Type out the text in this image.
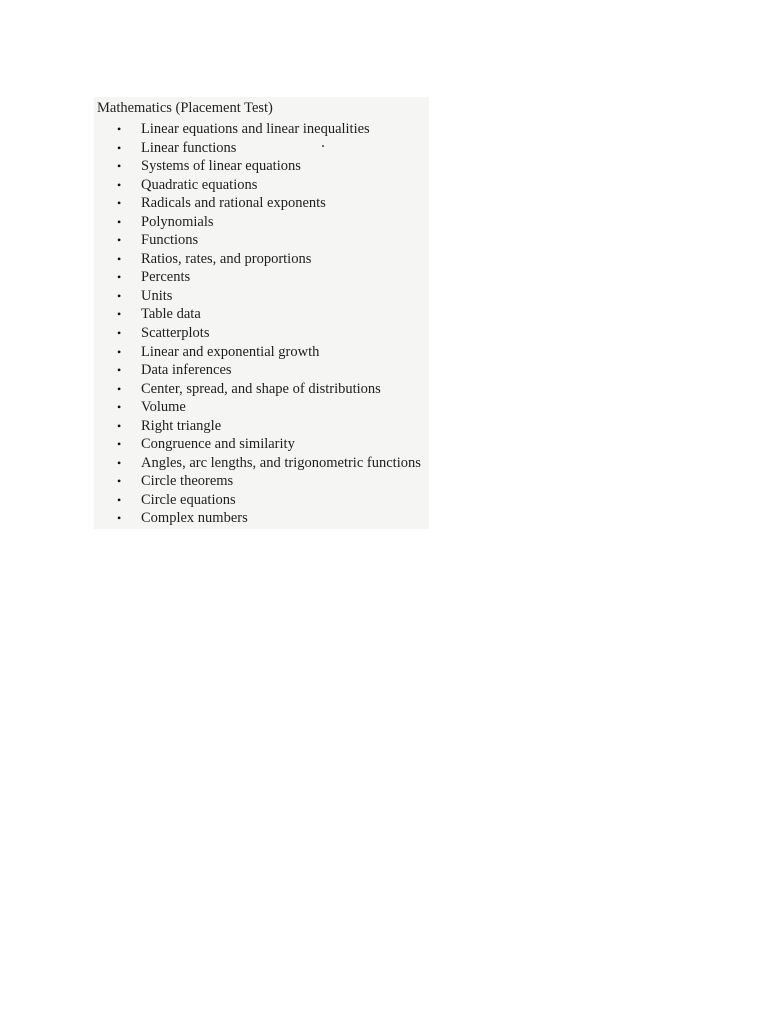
Mathematics (Placement Test)
• Linear equations and linear inequalities
• Linear functions
• Systems of linear equations
• Quadratic equations
• Radicals and rational exponents
• Polynomials
• Functions
• Ratios, rates, and proportions
• Percents
• Units
• Table data
• Scatterplots
• Linear and exponential growth
• Data inferences
• Center, spread, and shape of distributions
• Volume
• Right triangle
• Congruence and similarity
• Angles, arc lengths, and trigonometric functions
• Circle theorems
• Circle equations
• Complex numbers
